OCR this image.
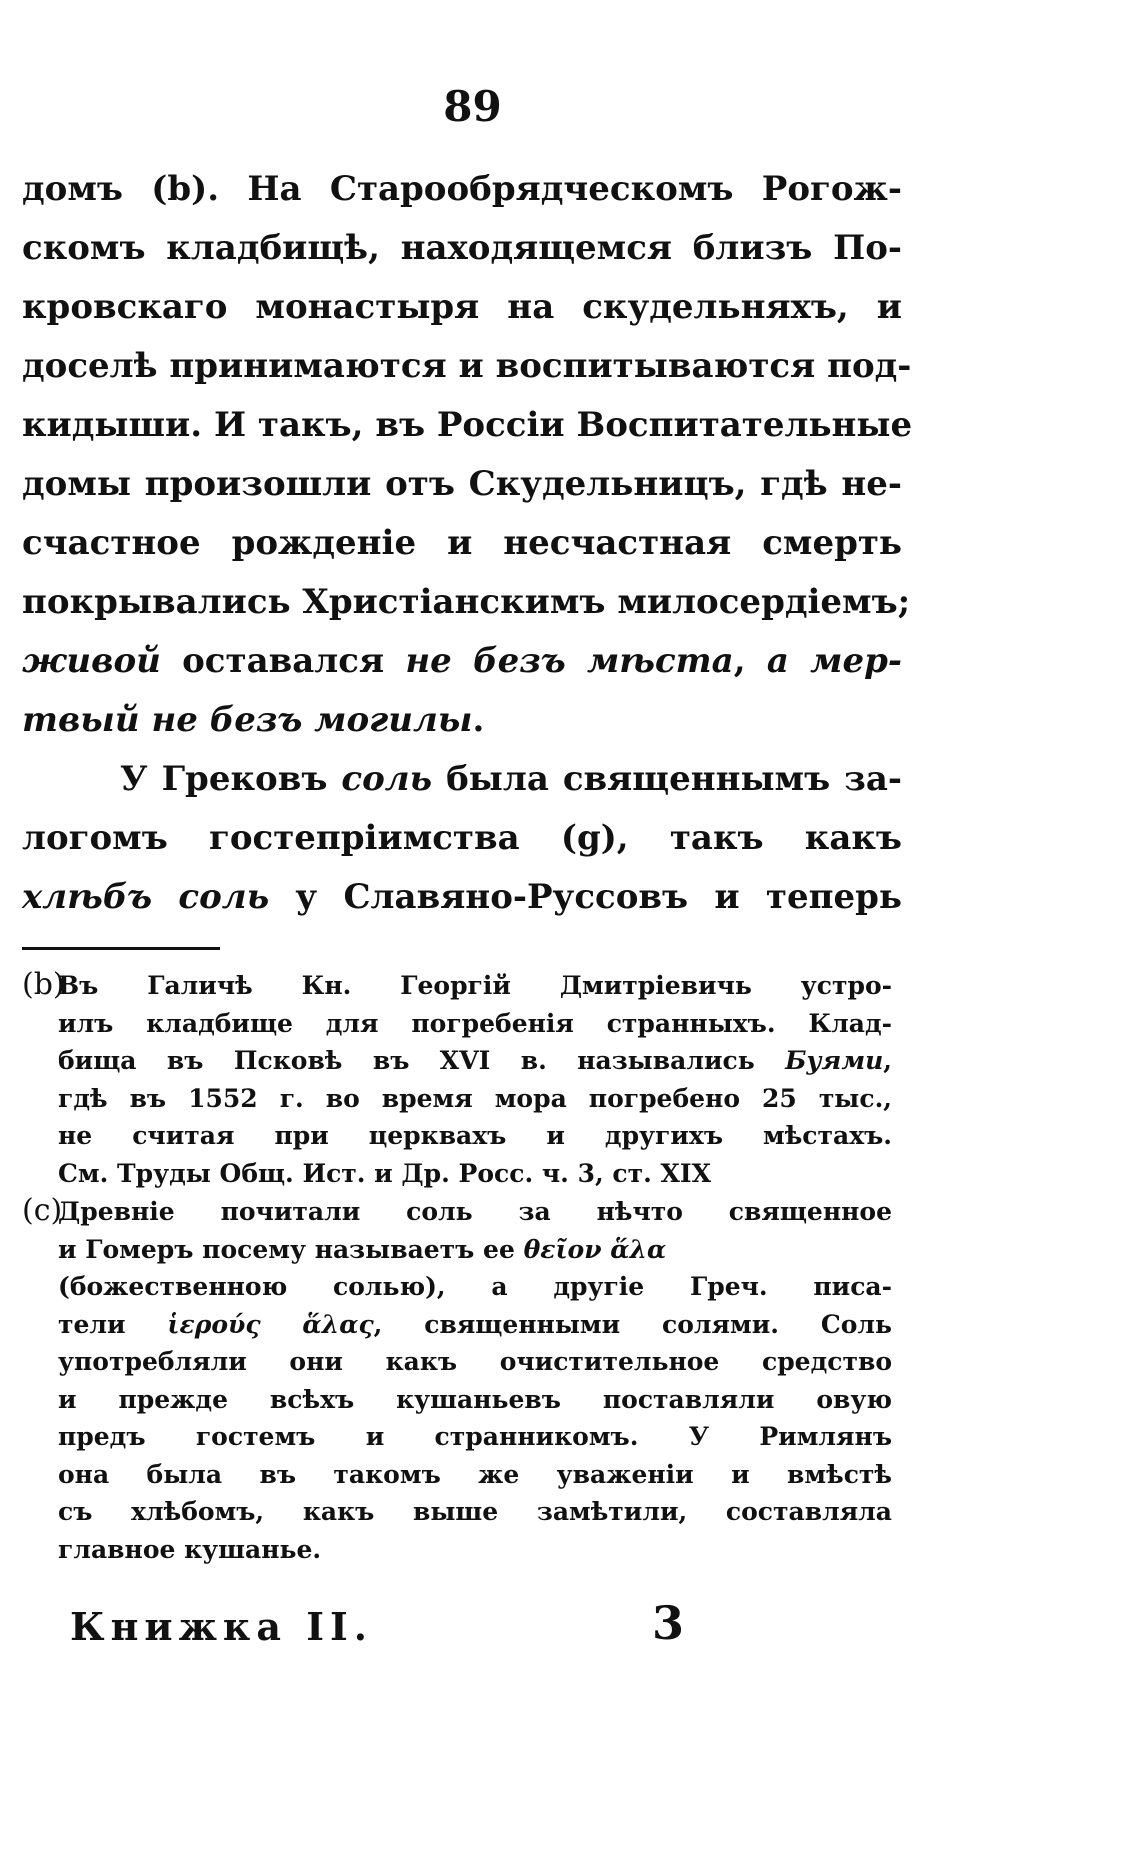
89
домъ (b). На Старообрядческомъ Рогож-
скомъ кладбищѣ, находящемся близъ По-
кровскаго монастыря на скудельняхъ, и
доселѣ принимаются и воспитываются под-
кидыши. И такъ, въ Россіи Воспитательные
домы произошли отъ Скудельницъ, гдѣ не-
счастное рожденіе и несчастная смерть
покрывались Христіанскимъ милосердіемъ;
живой оставался не безъ мѣста, а мер-
твый не безъ могилы.
У Грековъ соль была священнымъ за-
логомъ гостепріимства (g), такъ какъ
хлѣбъ соль у Славяно-Руссовъ и теперь
(b)Въ Галичѣ Кн. Георгій Дмитріевичь устро-
илъ кладбище для погребенія странныхъ. Клад-
бища въ Псковѣ въ XVI в. назывались Буями,
гдѣ въ 1552 г. во время мора погребено 25 тыс.,
не считая при церквахъ и другихъ мѣстахъ.
См. Труды Общ. Ист. и Др. Росс. ч. 3, ст. XIX
(c)Древніе почитали соль за нѣчто священное
и Гомеръ посему называетъ ее θεῖον ἅλα
(божественною солью), а другіе Греч. писа-
тели ἱερούς ἅλας, священными солями. Соль
употребляли они какъ очистительное средство
и прежде всѣхъ кушаньевъ поставляли овую
предъ гостемъ и странникомъ. У Римлянъ
она была въ такомъ же уваженіи и вмѣстѣ
съ хлѣбомъ, какъ выше замѣтили, составляла
главное кушанье.
Книжка II.	3
